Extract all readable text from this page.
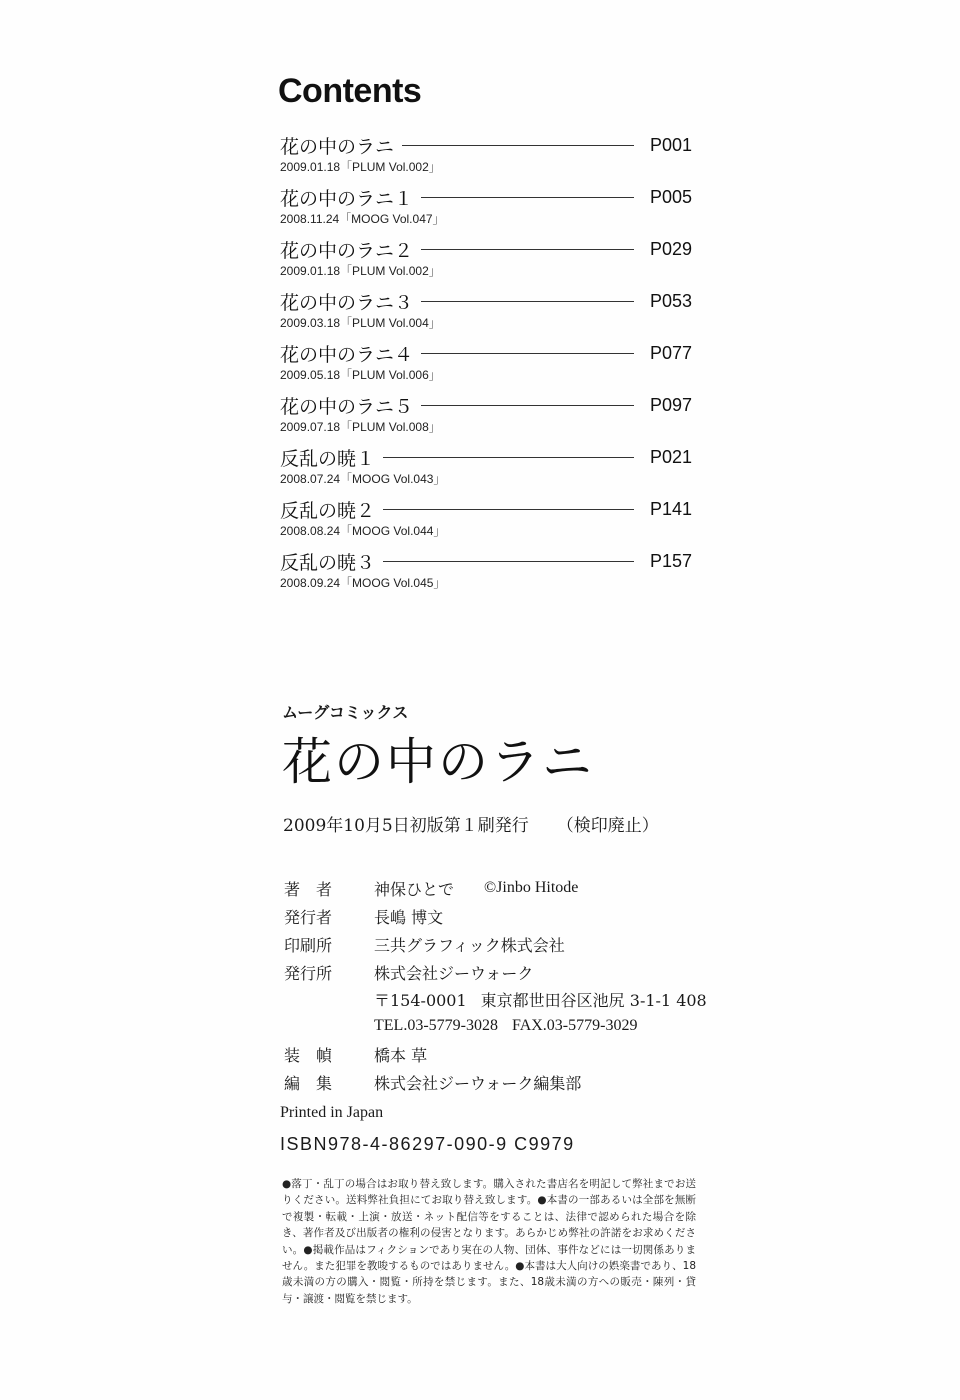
Contents
花の中のラニ	P001
2009.01.18「PLUM Vol.002」
花の中のラニ１	P005
2008.11.24「MOOG Vol.047」
花の中のラニ２	P029
2009.01.18「PLUM Vol.002」
花の中のラニ３	P053
2009.03.18「PLUM Vol.004」
花の中のラニ４	P077
2009.05.18「PLUM Vol.006」
花の中のラニ５	P097
2009.07.18「PLUM Vol.008」
反乱の暁１	P021
2008.07.24「MOOG Vol.043」
反乱の暁２	P141
2008.08.24「MOOG Vol.044」
反乱の暁３	P157
2008.09.24「MOOG Vol.045」
ムーグコミックス
花の中のラニ
2009年10月5日初版第１刷発行 （検印廃止）
著　者	神保ひとで ©Jinbo Hitode
発行者	長嶋 博文
印刷所	三共グラフィック株式会社
発行所	株式会社ジーウォーク
〒154-0001 東京都世田谷区池尻 3-1-1 408
TEL.03-5779-3028 FAX.03-5779-3029
装　幀	橋本 草
編　集	株式会社ジーウォーク編集部
Printed in Japan
ISBN978-4-86297-090-9 C9979
●落丁・乱丁の場合はお取り替え致します。購入された書店名を明記して弊社までお送りください。送料弊社負担にてお取り替え致します。●本書の一部あるいは全部を無断で複製・転載・上演・放送・ネット配信等をすることは、法律で認められた場合を除き、著作者及び出版者の権利の侵害となります。あらかじめ弊社の許諾をお求めください。●掲載作品はフィクションであり実在の人物、団体、事件などには一切関係ありません。また犯罪を教唆するものではありません。●本書は大人向けの娯楽書であり、18歳未満の方の購入・閲覧・所持を禁じます。また、18歳未満の方への販売・陳列・貸与・譲渡・閲覧を禁じます。
